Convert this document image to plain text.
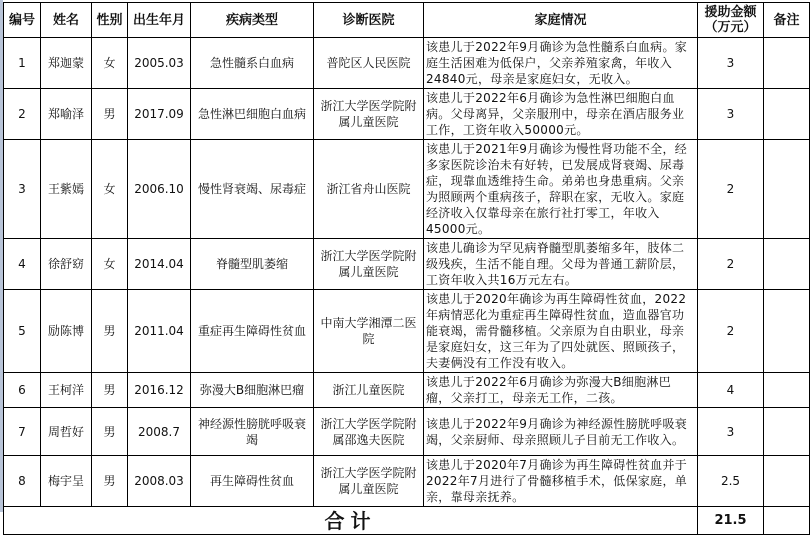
编号	姓名	性别	出生年月	疾病类型	诊断医院	家庭情况	援助金额（万元）	备注
1	郑迦蒙	女	2005.03	急性髓系白血病	普陀区人民医院	该患儿于2022年9月确诊为急性髓系白血病。家庭生活困难为低保户，父亲养殖家禽，年收入24840元，母亲是家庭妇女，无收入。	3	
2	郑喻泽	男	2017.09	急性淋巴细胞白血病	浙江大学医学院附属儿童医院	该患儿于2022年6月确诊为急性淋巴细胞白血病。父母离异，父亲服刑中，母亲在酒店服务业工作，工资年收入50000元。	3	
3	王紫嫣	女	2006.10	慢性肾衰竭、尿毒症	浙江省舟山医院	该患儿于2021年9月确诊为慢性肾功能不全，经多家医院诊治未有好转，已发展成肾衰竭、尿毒症，现靠血透维持生命。弟弟也身患重病。父亲为照顾两个重病孩子，辞职在家，无收入。家庭经济收入仅靠母亲在旅行社打零工，年收入45000元。	2	
4	徐舒窈	女	2014.04	脊髓型肌萎缩	浙江大学医学院附属儿童医院	该患儿确诊为罕见病脊髓型肌萎缩多年，肢体二级残疾，生活不能自理。父母为普通工薪阶层，工资年收入共16万元左右。	2	
5	励陈博	男	2011.04	重症再生障碍性贫血	中南大学湘潭二医院	该患儿于2020年确诊为再生障碍性贫血，2022年病情恶化为重症再生障碍性贫血，造血器官功能衰竭，需骨髓移植。父亲原为自由职业，母亲是家庭妇女，这三年为了四处就医、照顾孩子，夫妻俩没有工作没有收入。	2	
6	王柯洋	男	2016.12	弥漫大B细胞淋巴瘤	浙江儿童医院	该患儿于2022年6月确诊为弥漫大B细胞淋巴瘤，父亲打工，母亲无工作，二孩。	4	
7	周哲好	男	2008.7	神经源性膀胱呼吸衰竭	浙江大学医学院附属邵逸夫医院	该患儿于2022年9月确诊为神经源性膀胱呼吸衰竭，父亲厨师、母亲照顾儿子目前无工作收入。	3	
8	梅宇呈	男	2008.03	再生障碍性贫血	浙江大学医学院附属儿童医院	该患儿于2020年7月确诊为再生障碍性贫血并于2022年7月进行了骨髓移植手术，低保家庭，单亲，靠母亲抚养。	2.5	
合计							21.5	
